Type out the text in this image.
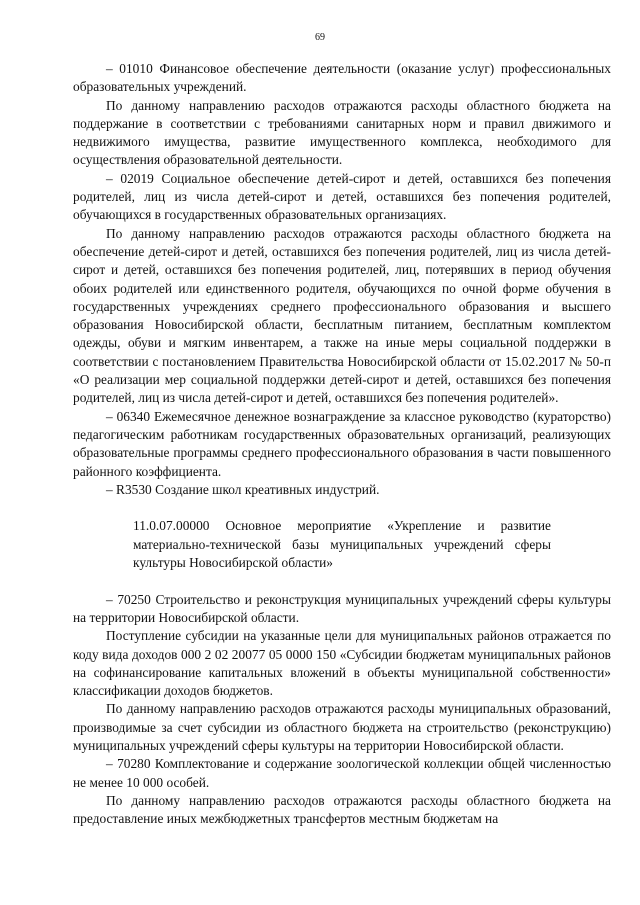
69

– 01010 Финансовое обеспечение деятельности (оказание услуг) профессиональных образовательных учреждений.

По данному направлению расходов отражаются расходы областного бюджета на поддержание в соответствии с требованиями санитарных норм и правил движимого и недвижимого имущества, развитие имущественного комплекса, необходимого для осуществления образовательной деятельности.

– 02019 Социальное обеспечение детей-сирот и детей, оставшихся без попечения родителей, лиц из числа детей-сирот и детей, оставшихся без попечения родителей, обучающихся в государственных образовательных организациях.

По данному направлению расходов отражаются расходы областного бюджета на обеспечение детей-сирот и детей, оставшихся без попечения родителей, лиц из числа детей-сирот и детей, оставшихся без попечения родителей, лиц, потерявших в период обучения обоих родителей или единственного родителя, обучающихся по очной форме обучения в государственных учреждениях среднего профессионального образования и высшего образования Новосибирской области, бесплатным питанием, бесплатным комплектом одежды, обуви и мягким инвентарем, а также на иные меры социальной поддержки в соответствии с постановлением Правительства Новосибирской области от 15.02.2017 № 50-п «О реализации мер социальной поддержки детей-сирот и детей, оставшихся без попечения родителей, лиц из числа детей-сирот и детей, оставшихся без попечения родителей».

– 06340 Ежемесячное денежное вознаграждение за классное руководство (кураторство) педагогическим работникам государственных образовательных организаций, реализующих образовательные программы среднего профессионального образования в части повышенного районного коэффициента.

– R3530 Создание школ креативных индустрий.

11.0.07.00000 Основное мероприятие «Укрепление и развитие материально-технической базы муниципальных учреждений сферы культуры Новосибирской области»

– 70250 Строительство и реконструкция муниципальных учреждений сферы культуры на территории Новосибирской области.

Поступление субсидии на указанные цели для муниципальных районов отражается по коду вида доходов 000 2 02 20077 05 0000 150 «Субсидии бюджетам муниципальных районов на софинансирование капитальных вложений в объекты муниципальной собственности» классификации доходов бюджетов.

По данному направлению расходов отражаются расходы муниципальных образований, производимые за счет субсидии из областного бюджета на строительство (реконструкцию) муниципальных учреждений сферы культуры на территории Новосибирской области.

– 70280 Комплектование и содержание зоологической коллекции общей численностью не менее 10 000 особей.

По данному направлению расходов отражаются расходы областного бюджета на предоставление иных межбюджетных трансфертов местным бюджетам на
